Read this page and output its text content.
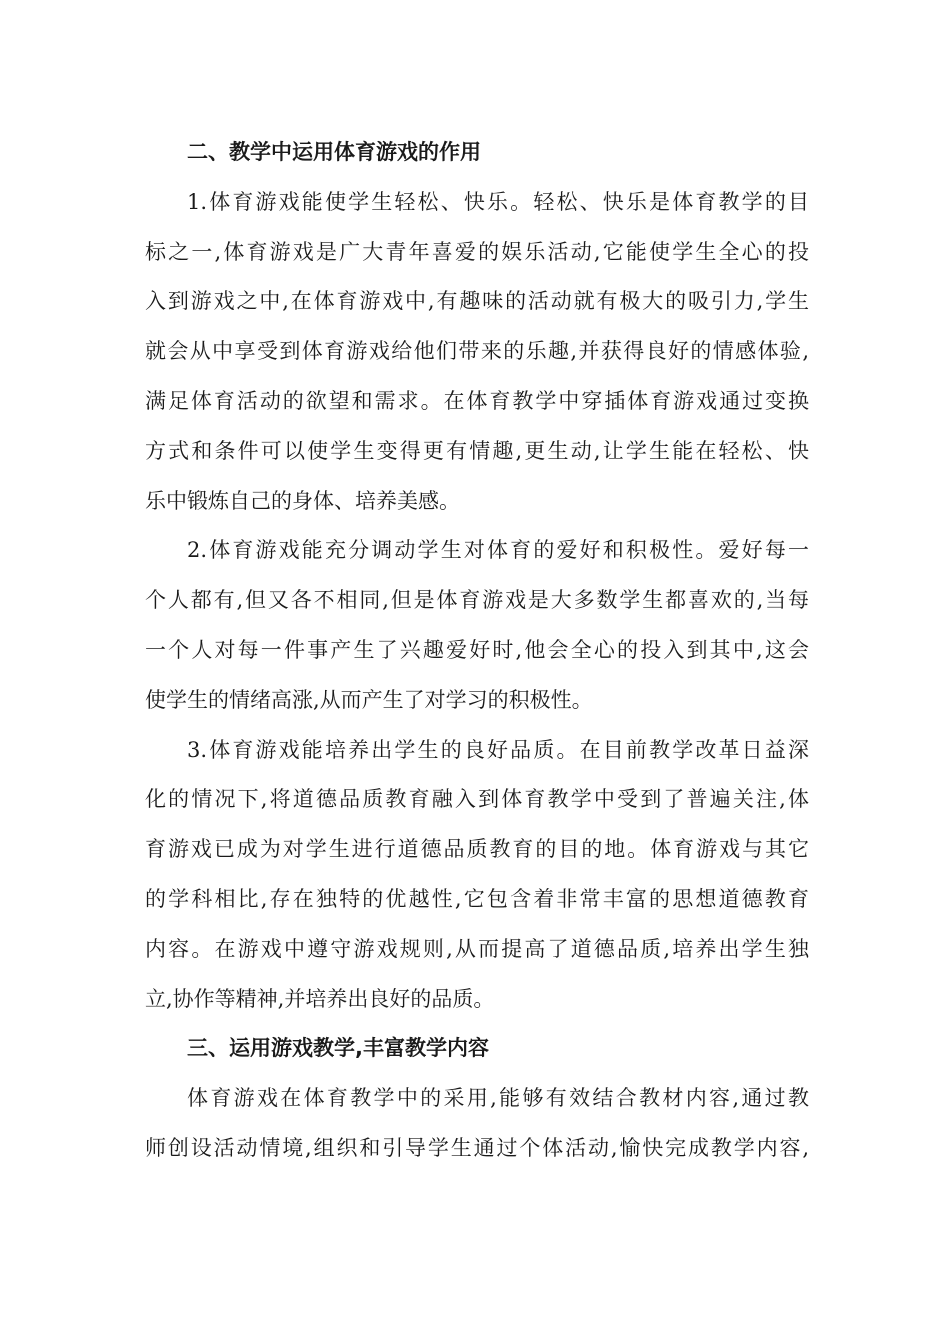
二、教学中运用体育游戏的作用
1.体育游戏能使学生轻松、快乐。轻松、快乐是体育教学的目
标之一,体育游戏是广大青年喜爱的娱乐活动,它能使学生全心的投
入到游戏之中,在体育游戏中,有趣味的活动就有极大的吸引力,学生
就会从中享受到体育游戏给他们带来的乐趣,并获得良好的情感体验,
满足体育活动的欲望和需求。在体育教学中穿插体育游戏通过变换
方式和条件可以使学生变得更有情趣,更生动,让学生能在轻松、快
乐中锻炼自己的身体、培养美感。
2.体育游戏能充分调动学生对体育的爱好和积极性。爱好每一
个人都有,但又各不相同,但是体育游戏是大多数学生都喜欢的,当每
一个人对每一件事产生了兴趣爱好时,他会全心的投入到其中,这会
使学生的情绪高涨,从而产生了对学习的积极性。
3.体育游戏能培养出学生的良好品质。在目前教学改革日益深
化的情况下,将道德品质教育融入到体育教学中受到了普遍关注,体
育游戏已成为对学生进行道德品质教育的目的地。体育游戏与其它
的学科相比,存在独特的优越性,它包含着非常丰富的思想道德教育
内容。在游戏中遵守游戏规则,从而提高了道德品质,培养出学生独
立,协作等精神,并培养出良好的品质。
三、运用游戏教学,丰富教学内容
体育游戏在体育教学中的采用,能够有效结合教材内容,通过教
师创设活动情境,组织和引导学生通过个体活动,愉快完成教学内容,
